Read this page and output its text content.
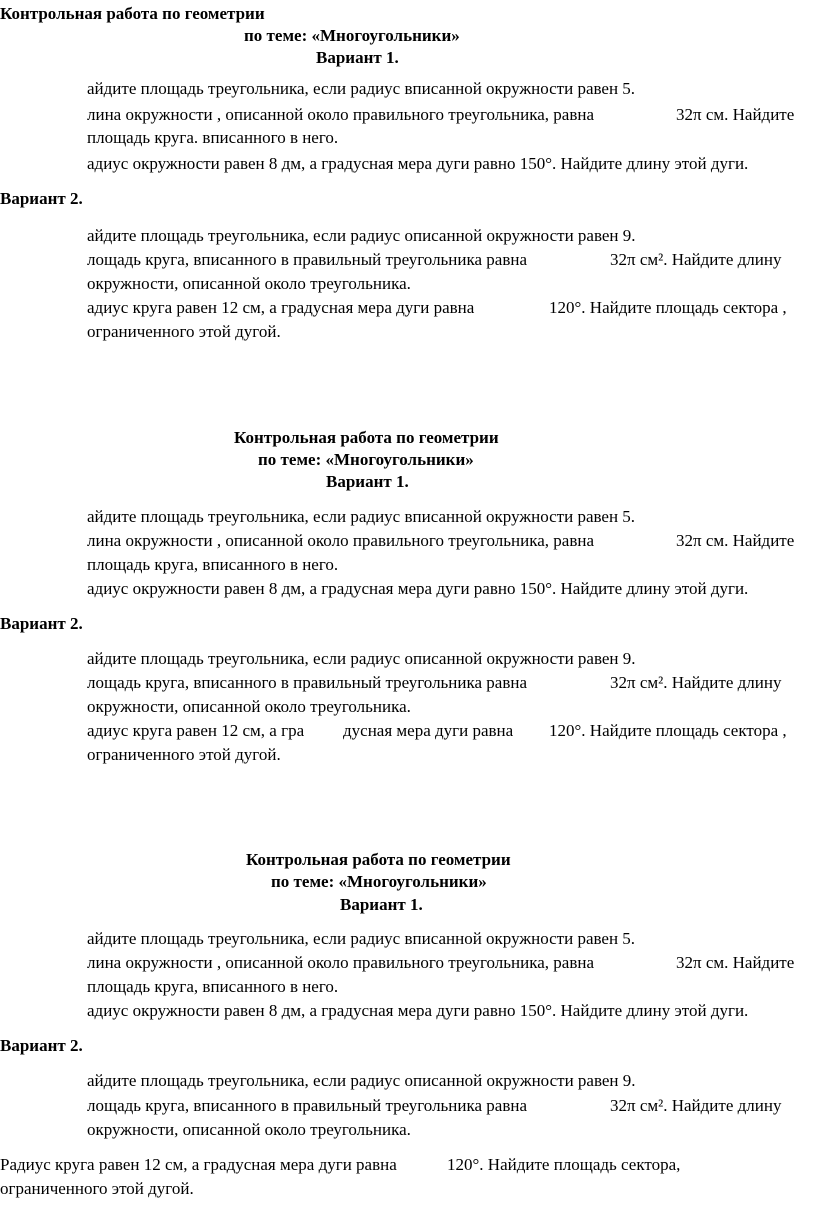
Контрольная работа по геометрии
по теме: «Многоугольники»
Вариант 1.
айдите площадь треугольника, если радиус вписанной окружности равен 5.
лина окружности , описанной около правильного треугольника, равна	32π см. Найдите
площадь круга. вписанного в него.
адиус окружности равен 8 дм, а градусная мера дуги равно 150°. Найдите длину этой дуги.
Вариант 2.
айдите площадь треугольника, если радиус описанной окружности равен 9.
лощадь круга, вписанного в правильный треугольника равна	32π см². Найдите длину
окружности, описанной около треугольника.
адиус круга равен 12 см, а градусная мера дуги равна	120°. Найдите площадь сектора ,
ограниченного этой дугой.
Контрольная работа по геометрии
по теме: «Многоугольники»
Вариант 1.
айдите площадь треугольника, если радиус вписанной окружности равен 5.
лина окружности , описанной около правильного треугольника, равна	32π см. Найдите
площадь круга, вписанного в него.
адиус окружности равен 8 дм, а градусная мера дуги равно 150°. Найдите длину этой дуги.
Вариант 2.
айдите площадь треугольника, если радиус описанной окружности равен 9.
лощадь круга, вписанного в правильный треугольника равна	32π см². Найдите длину
окружности, описанной около треугольника.
адиус круга равен 12 см, а гра дусная мера дуги равна 120°. Найдите площадь сектора ,
ограниченного этой дугой.
Контрольная работа по геометрии
по теме: «Многоугольники»
Вариант 1.
айдите площадь треугольника, если радиус вписанной окружности равен 5.
лина окружности , описанной около правильного треугольника, равна	32π см. Найдите
площадь круга, вписанного в него.
адиус окружности равен 8 дм, а градусная мера дуги равно 150°. Найдите длину этой дуги.
Вариант 2.
айдите площадь треугольника, если радиус описанной окружности равен 9.
лощадь круга, вписанного в правильный треугольника равна	32π см². Найдите длину
окружности, описанной около треугольника.
Радиус круга равен 12 см, а градусная мера дуги равна	120°. Найдите площадь сектора,
ограниченного этой дугой.
